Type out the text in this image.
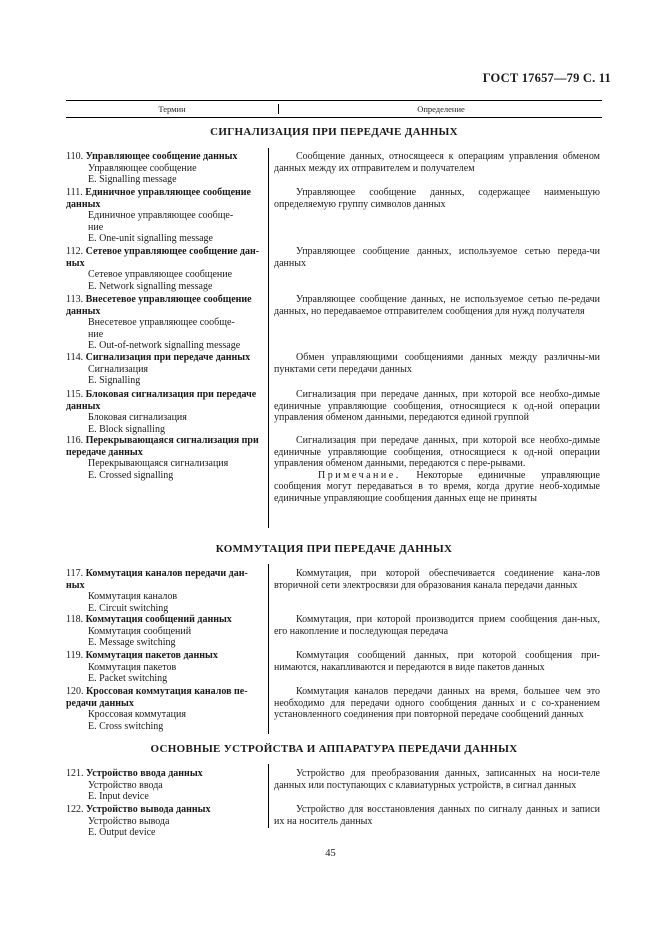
ГОСТ 17657—79 С. 11
Термин	Определение
СИГНАЛИЗАЦИЯ ПРИ ПЕРЕДАЧЕ ДАННЫХ
110. Управляющее сообщение данных
Управляющее сообщение
E. Signalling message

Сообщение данных, относящееся к операциям управления обменом данных между их отправителем и получателем

111. Единичное управляющее сообщение
данных
Единичное управляющее сообще-
ние
E. One-unit signalling message

Управляющее сообщение данных, содержащее наименьшую определяемую группу символов данных

112. Сетевое управляющее сообщение дан-
ных
Сетевое управляющее сообщение
E. Network signalling message

Управляющее сообщение данных, используемое сетью переда-чи данных

113. Внесетевое управляющее сообщение
данных
Внесетевое управляющее сообще-
ние
E. Out-of-network signalling message

Управляющее сообщение данных, не используемое сетью пе-редачи данных, но передаваемое отправителем сообщения для нужд получателя

114. Сигнализация при передаче данных
Сигнализация
E. Signalling

Обмен управляющими сообщениями данных между различны-ми пунктами сети передачи данных

115. Блоковая сигнализация при передаче
данных
Блоковая сигнализация
E. Block signalling

Сигнализация при передаче данных, при которой все необхо-димые единичные управляющие сообщения, относящиеся к од-ной операции управления обменом данными, передаются единой группой

116. Перекрывающаяся сигнализация при
передаче данных
Перекрывающаяся сигнализация
E. Crossed signalling

Сигнализация при передаче данных, при которой все необхо-димые единичные управляющие сообщения, относящиеся к од-ной операции управления обменом данными, передаются с пере-рывами.

Примечание. Некоторые единичные управляющие сообщения могут передаваться в то время, когда другие необ-ходимые единичные управляющие сообщения данных еще не приняты

КОММУТАЦИЯ ПРИ ПЕРЕДАЧЕ ДАННЫХ
117. Коммутация каналов передачи дан-
ных
Коммутация каналов
E. Circuit switching

Коммутация, при которой обеспечивается соединение кана-лов вторичной сети электросвязи для образования канала передачи данных

118. Коммутация сообщений данных
Коммутация сообщений
E. Message switching

Коммутация, при которой производится прием сообщения дан-ных, его накопление и последующая передача

119. Коммутация пакетов данных
Коммутация пакетов
E. Packet switching

Коммутация сообщений данных, при которой сообщения при-нимаются, накапливаются и передаются в виде пакетов данных

120. Кроссовая коммутация каналов пе-
редачи данных
Кроссовая коммутация
E. Cross switching

Коммутация каналов передачи данных на время, большее чем это необходимо для передачи одного сообщения данных и с со-хранением установленного соединения при повторной передаче сообщений данных

ОСНОВНЫЕ УСТРОЙСТВА И АППАРАТУРА ПЕРЕДАЧИ ДАННЫХ
121. Устройство ввода данных
Устройство ввода
E. Input device

Устройство для преобразования данных, записанных на носи-теле данных или поступающих с клавиатурных устройств, в сигнал данных

122. Устройство вывода данных
Устройство вывода
E. Output device

Устройство для восстановления данных по сигналу данных и записи их на носитель данных

45
